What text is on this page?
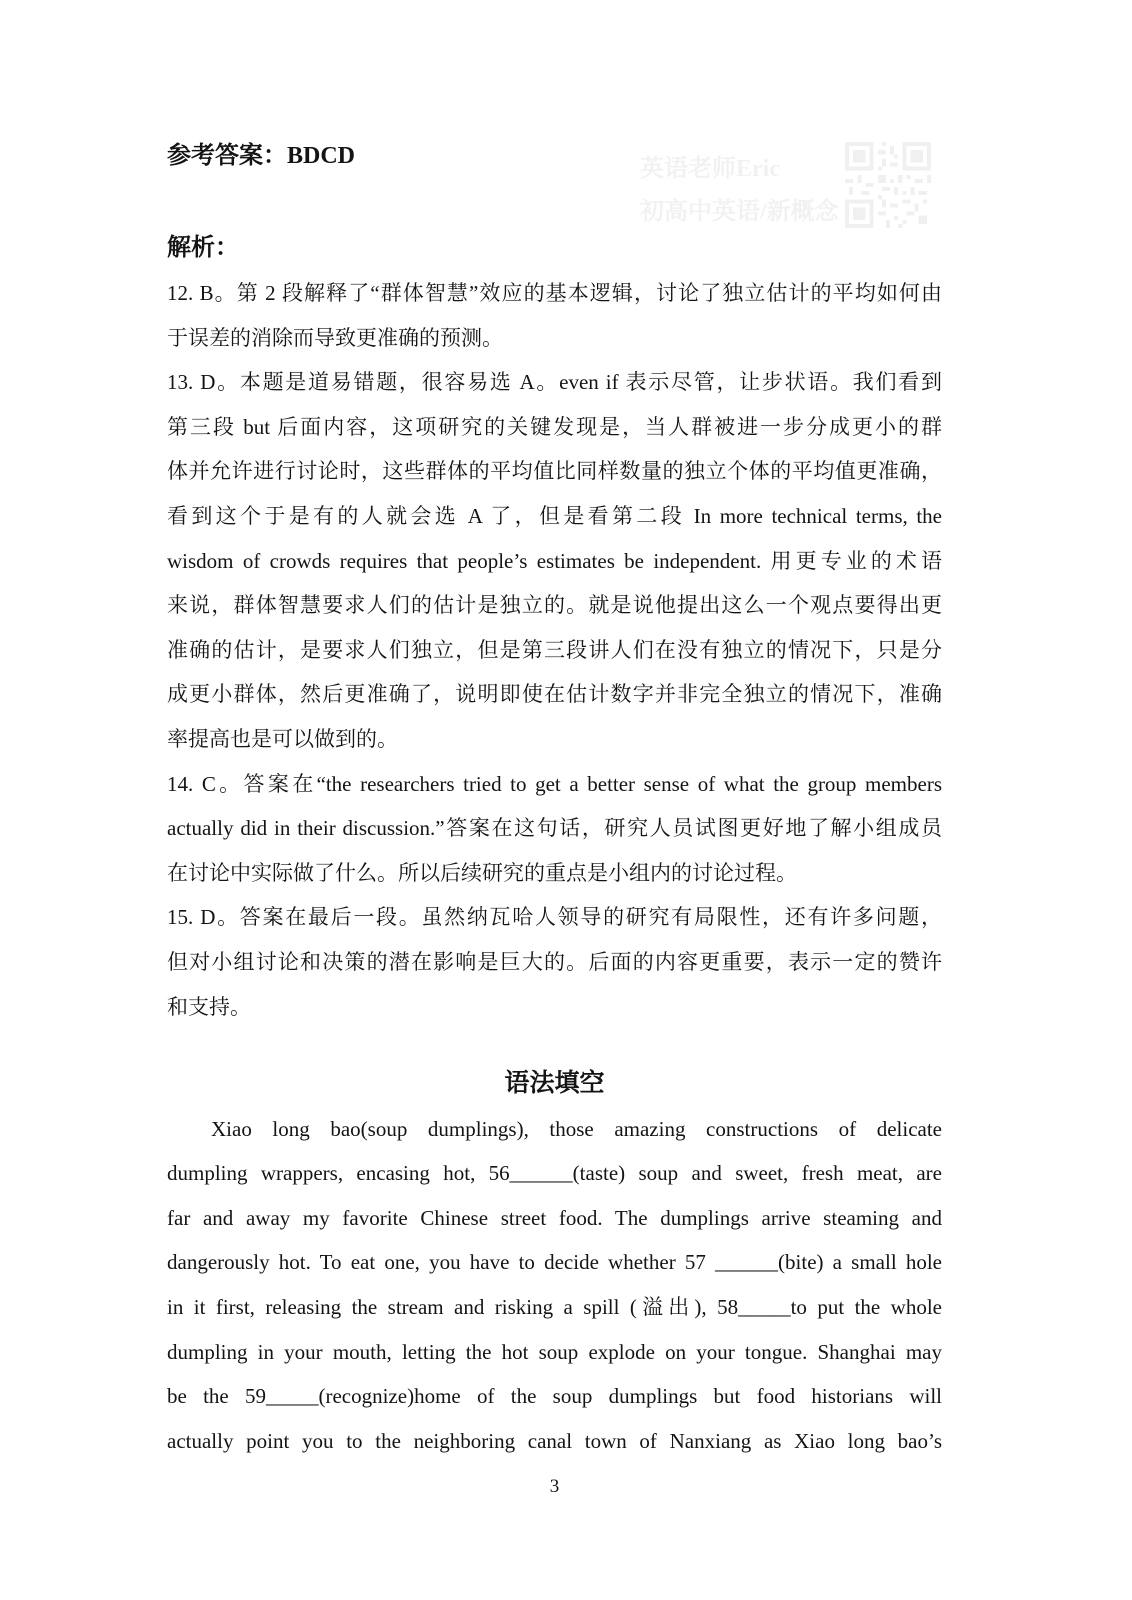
英语老师Eric
初高中英语/新概念
参考答案：BDCD
解析：
12. B。第 2 段解释了“群体智慧”效应的基本逻辑，讨论了独立估计的平均如何由
于误差的消除而导致更准确的预测。
13. D。本题是道易错题，很容易选 A。even if 表示尽管，让步状语。我们看到
第三段 but 后面内容，这项研究的关键发现是，当人群被进一步分成更小的群
体并允许进行讨论时，这些群体的平均值比同样数量的独立个体的平均值更准确，
看到这个于是有的人就会选 A 了，但是看第二段 In more technical terms, the
wisdom of crowds requires that people’s estimates be independent. 用更专业的术语
来说，群体智慧要求人们的估计是独立的。就是说他提出这么一个观点要得出更
准确的估计，是要求人们独立，但是第三段讲人们在没有独立的情况下，只是分
成更小群体，然后更准确了，说明即使在估计数字并非完全独立的情况下，准确
率提高也是可以做到的。
14. C。答案在“the researchers tried to get a better sense of what the group members
actually did in their discussion.”答案在这句话，研究人员试图更好地了解小组成员
在讨论中实际做了什么。所以后续研究的重点是小组内的讨论过程。
15. D。答案在最后一段。虽然纳瓦哈人领导的研究有局限性，还有许多问题，
但对小组讨论和决策的潜在影响是巨大的。后面的内容更重要，表示一定的赞许
和支持。
语法填空
Xiao long bao(soup dumplings), those amazing constructions of delicate
dumpling wrappers, encasing hot, 56______(taste) soup and sweet, fresh meat, are
far and away my favorite Chinese street food. The dumplings arrive steaming and
dangerously hot. To eat one, you have to decide whether 57 ______(bite) a small hole
in it first, releasing the stream and risking a spill (溢出), 58_____to put the whole
dumpling in your mouth, letting the hot soup explode on your tongue. Shanghai may
be the 59_____(recognize)home of the soup dumplings but food historians will
actually point you to the neighboring canal town of Nanxiang as Xiao long bao’s
3
